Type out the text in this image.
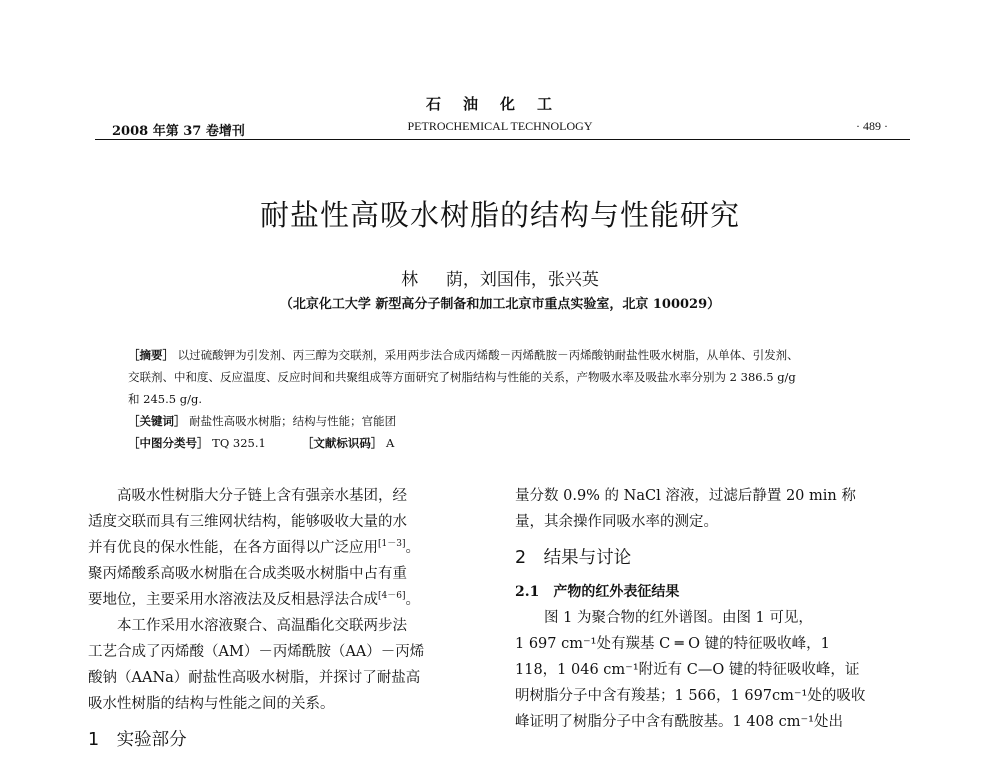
石油化工
2008 年第 37 卷增刊	PETROCHEMICAL TECHNOLOGY	· 489 ·
耐盐性高吸水树脂的结构与性能研究
林 　 荫，刘国伟，张兴英
（北京化工大学 新型高分子制备和加工北京市重点实验室，北京 100029）
［摘要］ 以过硫酸钾为引发剂、丙三醇为交联剂，采用两步法合成丙烯酸－丙烯酰胺－丙烯酸钠耐盐性吸水树脂，从单体、引发剂、
交联剂、中和度、反应温度、反应时间和共聚组成等方面研究了树脂结构与性能的关系，产物吸水率及吸盐水率分别为 2 386.5 g/g
和 245.5 g/g.
［关键词］ 耐盐性高吸水树脂；结构与性能；官能团
［中图分类号］ TQ 325.1	［文献标识码］ A
高吸水性树脂大分子链上含有强亲水基团，经
适度交联而具有三维网状结构，能够吸收大量的水
并有优良的保水性能，在各方面得以广泛应用[1－3]。
聚丙烯酸系高吸水树脂在合成类吸水树脂中占有重
要地位，主要采用水溶液法及反相悬浮法合成[4－6]。
本工作采用水溶液聚合、高温酯化交联两步法
工艺合成了丙烯酸（AM）－丙烯酰胺（AA）－丙烯
酸钠（AANa）耐盐性高吸水树脂，并探讨了耐盐高
吸水性树脂的结构与性能之间的关系。
1　实验部分
量分数 0.9% 的 NaCl 溶液，过滤后静置 20 min 称
量，其余操作同吸水率的测定。
2　结果与讨论
2.1　产物的红外表征结果
图 1 为聚合物的红外谱图。由图 1 可见，
1 697 cm⁻¹处有羰基 C ═ O 键的特征吸收峰，1
118，1 046 cm⁻¹附近有 C—O 键的特征吸收峰，证
明树脂分子中含有羧基；1 566，1 697cm⁻¹处的吸收
峰证明了树脂分子中含有酰胺基。1 408 cm⁻¹处出
